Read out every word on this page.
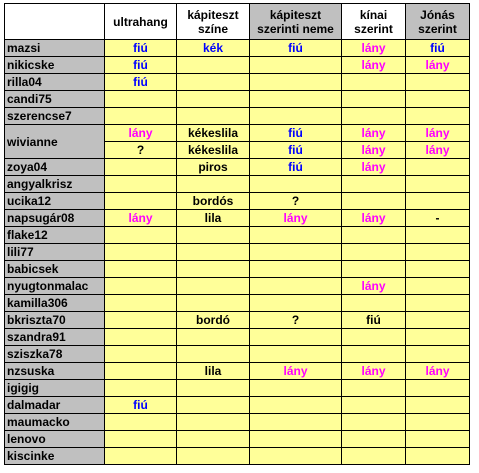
	ultrahang	kápiteszt színe	kápiteszt szerinti neme	kínai szerint	Jónás szerint
mazsi	fiú	kék	fiú	lány	fiú
nikicske	fiú			lány	lány
rilla04	fiú				
candi75					
szerencse7					
wivianne	lány	kékeslila	fiú	lány	lány
	?	kékeslila	fiú	lány	lány
zoya04		piros	fiú	lány	
angyalkrisz					
ucika12		bordós	?		
napsugár08	lány	lila	lány	lány	-
flake12					
lili77					
babicsek					
nyugtonmalac				lány	
kamilla306					
bkriszta70		bordó	?	fiú	
szandra91					
sziszka78					
nzsuska		lila	lány	lány	lány
igigig					
dalmadar	fiú				
maumacko					
lenovo					
kiscinke					
